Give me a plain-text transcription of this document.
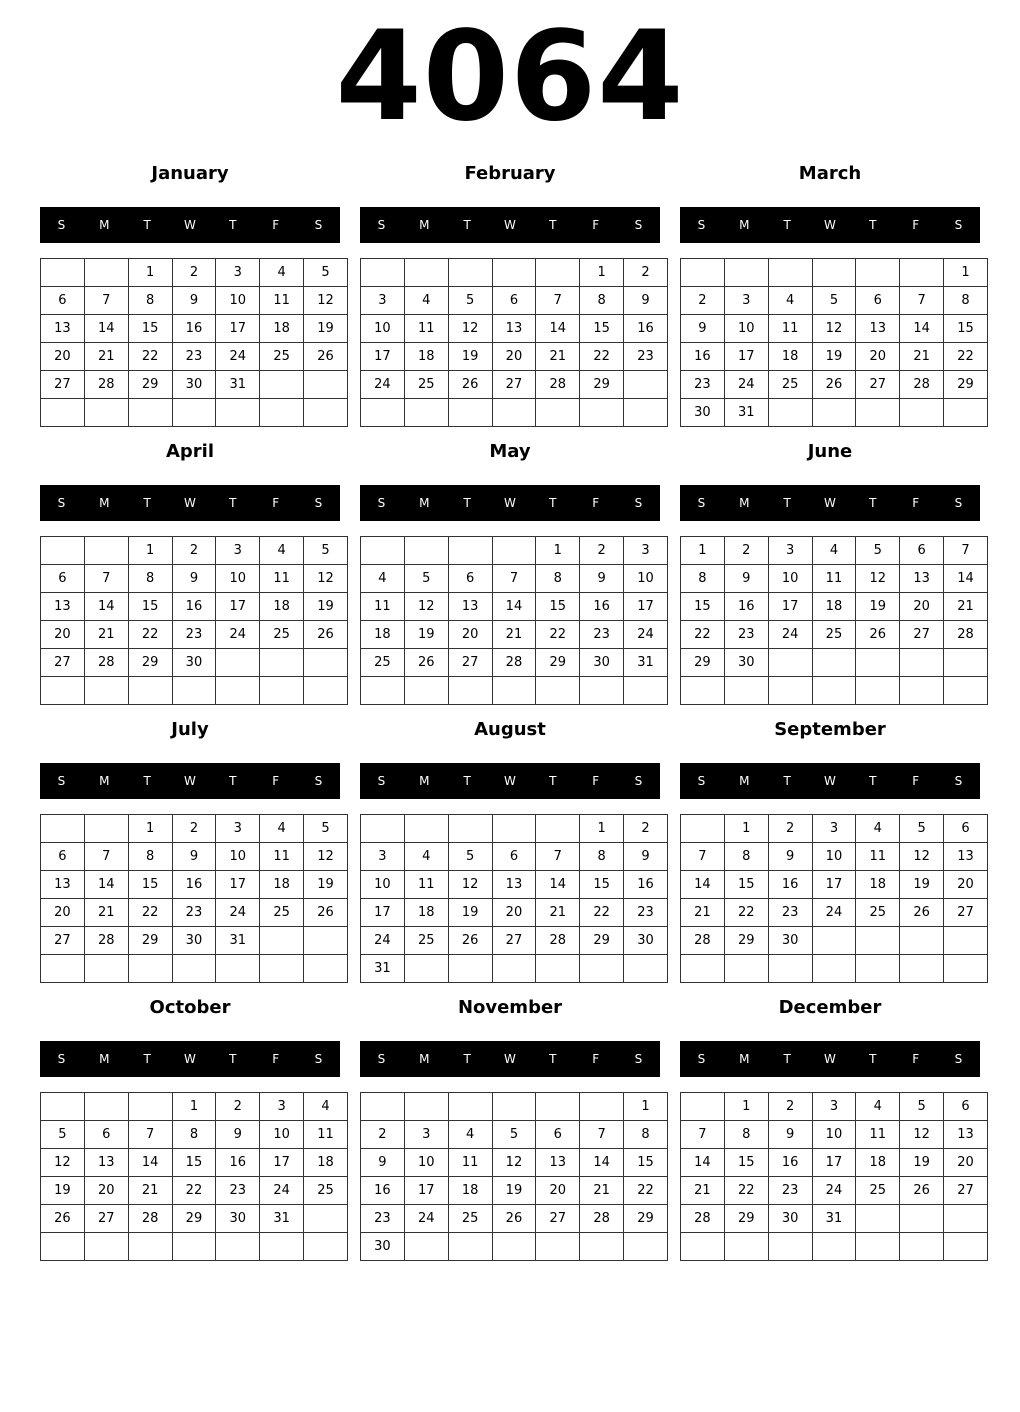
4064
January
S	M	T	W	T	F	S
		1	2	3	4	5
6	7	8	9	10	11	12
13	14	15	16	17	18	19
20	21	22	23	24	25	26
27	28	29	30	31		

February
S	M	T	W	T	F	S
					1	2
3	4	5	6	7	8	9
10	11	12	13	14	15	16
17	18	19	20	21	22	23
24	25	26	27	28	29	

March
S	M	T	W	T	F	S
						1
2	3	4	5	6	7	8
9	10	11	12	13	14	15
16	17	18	19	20	21	22
23	24	25	26	27	28	29
30	31					
April
S	M	T	W	T	F	S
		1	2	3	4	5
6	7	8	9	10	11	12
13	14	15	16	17	18	19
20	21	22	23	24	25	26
27	28	29	30			

May
S	M	T	W	T	F	S
				1	2	3
4	5	6	7	8	9	10
11	12	13	14	15	16	17
18	19	20	21	22	23	24
25	26	27	28	29	30	31

June
S	M	T	W	T	F	S
1	2	3	4	5	6	7
8	9	10	11	12	13	14
15	16	17	18	19	20	21
22	23	24	25	26	27	28
29	30					

July
S	M	T	W	T	F	S
		1	2	3	4	5
6	7	8	9	10	11	12
13	14	15	16	17	18	19
20	21	22	23	24	25	26
27	28	29	30	31		

August
S	M	T	W	T	F	S
					1	2
3	4	5	6	7	8	9
10	11	12	13	14	15	16
17	18	19	20	21	22	23
24	25	26	27	28	29	30
31						
September
S	M	T	W	T	F	S
	1	2	3	4	5	6
7	8	9	10	11	12	13
14	15	16	17	18	19	20
21	22	23	24	25	26	27
28	29	30				

October
S	M	T	W	T	F	S
			1	2	3	4
5	6	7	8	9	10	11
12	13	14	15	16	17	18
19	20	21	22	23	24	25
26	27	28	29	30	31	

November
S	M	T	W	T	F	S
						1
2	3	4	5	6	7	8
9	10	11	12	13	14	15
16	17	18	19	20	21	22
23	24	25	26	27	28	29
30						
December
S	M	T	W	T	F	S
	1	2	3	4	5	6
7	8	9	10	11	12	13
14	15	16	17	18	19	20
21	22	23	24	25	26	27
28	29	30	31			
